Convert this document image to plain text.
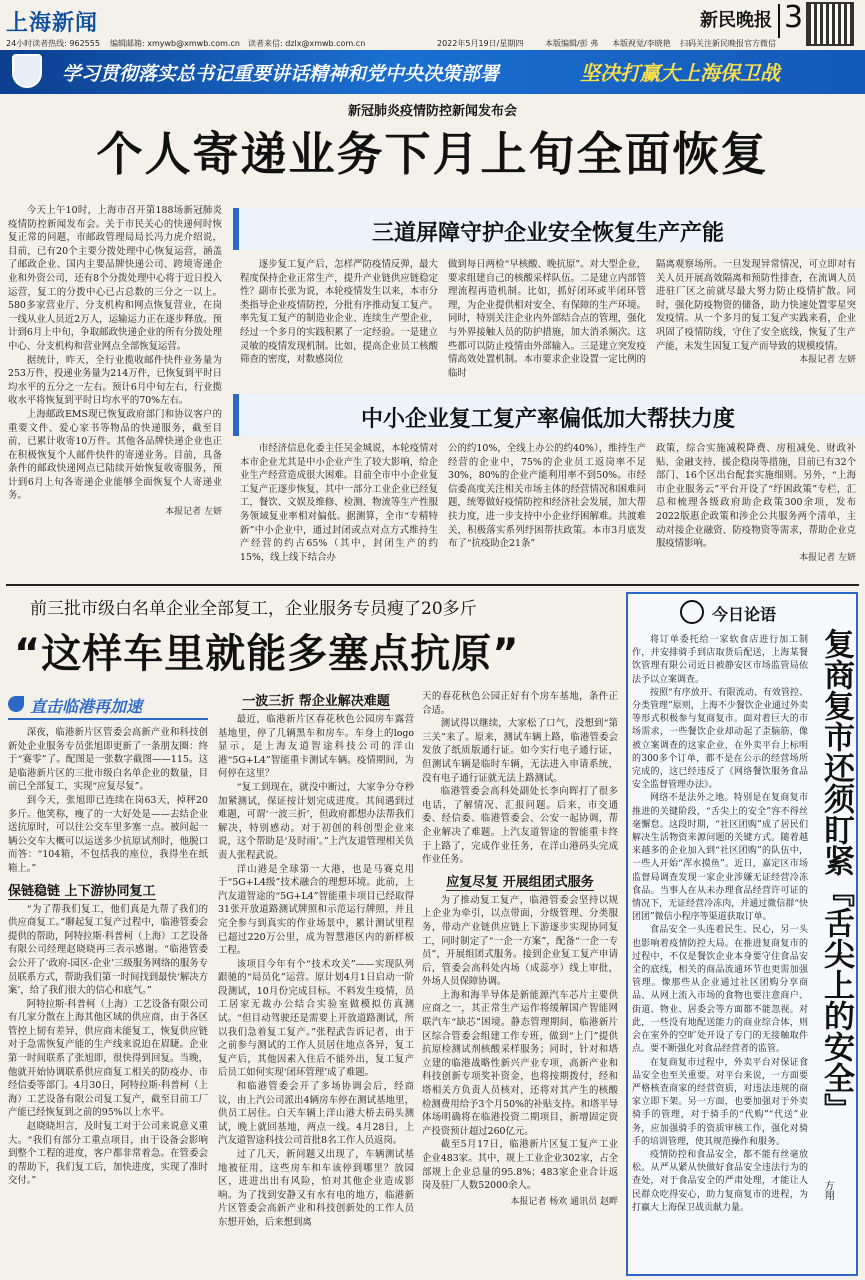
上海新闻	新民晚报 3
24小时读者热线: 962555 编辑邮箱: xmywb@xmwb.com.cn 读者来信: dzlx@xmwb.com.cn	2022年5月19日/星期四	本版编辑/彭 弗 本版视觉/李晓艳 扫码关注新民晚报官方微信
学习贯彻落实总书记重要讲话精神和党中央决策部署	坚决打赢大上海保卫战
新冠肺炎疫情防控新闻发布会
个人寄递业务下月上旬全面恢复

今天上午10时，上海市召开第188场新冠肺炎疫情防控新闻发布会。关于市民关心的快递何时恢复正常的问题，市邮政管理局局长冯力虎介绍说，目前，已有20个主要分拨处理中心恢复运营，涵盖了邮政企业、国内主要品牌快递公司、跨境寄递企业和外资公司，还有8个分拨处理中心将于近日投入运营，复工的分拨中心已占总数的三分之一以上。580多家营业厅、分支机构和网点恢复营业，在岗一线从业人员近2万人，运输运力正在逐步释放。预计到6月上中旬，争取邮政快递企业的所有分拨处理中心、分支机构和营业网点全部恢复运营。

据统计，昨天，全行业揽收邮件快件业务量为253万件，投递业务量为214万件，已恢复到平时日均水平的五分之一左右。预计6月中旬左右，行业揽收水平将恢复到平时日均水平的70%左右。

上海邮政EMS现已恢复政府部门和协议客户的重要文件、爱心家书等物品的快递服务，截至目前，已累计收寄10万件。其他各品牌快递企业也正在积极恢复个人邮件快件的寄递业务。目前，具备条件的邮政快递网点已陆续开始恢复收寄服务，预计到6月上旬各寄递企业能够全面恢复个人寄递业务。

本报记者 左妍
三道屏障守护企业安全恢复生产产能

逐步复工复产后，怎样严防疫情反弹，最大程度保持企业正常生产，提升产业链供应链稳定性？副市长张为说，本轮疫情发生以来，本市分类指导企业疫情防控，分批有序推动复工复产。率先复工复产的制造业企业、连续生产型企业，经过一个多月的实践积累了一定经验。一是建立灵敏的疫情发现机制。比如，提高企业员工核酸筛查的密度，对数感岗位

做到每日两检“早核酸、晚抗原”。对大型企业，要求组建自己的核酸采样队伍。二是建立内部管理流程再造机制。比如，抓好闭环或半闭环管理，为企业提供相对安全、有保障的生产环境。同时，特别关注企业内外部结合点的管理，强化与外界接触人员的防护措施，加大消杀频次。这些都可以防止疫情由外部输入。三是建立突发疫情高效处置机制。本市要求企业设置一定比例的临时

隔离观察场所。一旦发现异常情况，可立即对有关人员开展高效隔离和预防性排查，在流调人员进驻厂区之前就尽最大努力防止疫情扩散。同时，强化防疫物资的储备，助力快速处置零星突发疫情。从一个多月的复工复产实践来看，企业巩固了疫情防线，守住了安全底线，恢复了生产产能，未发生因复工复产而导致的规模疫情。

本报记者 左妍
中小企业复工复产率偏低加大帮扶力度

市经济信息化委主任吴金城说，本轮疫情对本市企业尤其是中小企业产生了较大影响，给企业生产经营造成很大困难。目前全市中小企业复工复产正逐步恢复，其中一部分工业企业已经复工，餐饮、文娱及维修、检测、物流等生产性服务领域复业率相对偏低。据测算，全市“专精特新”中小企业中，通过封闭或点对点方式维持生产经营的约占65%（其中，封闭生产的约15%，线上线下结合办

公的约10%，全线上办公的约40%），维持生产经营的企业中，75%的企业员工返岗率不足30%，80%的企业产能利用率不到50%。市经信委高度关注相关市场主体的经营情况和困难问题，统筹做好疫情防控和经济社会发展，加大帮扶力度，进一步支持中小企业纾困解难。共渡难关，积极落实系列纾困帮扶政策。本市3月底发布了“抗疫助企21条”

政策，综合实施减税降费、房租减免、财政补贴、金融支持、援企稳岗等措施，目前已有32个部门、16个区出台配套实施细则。另外，“上海市企业服务云”平台开设了“纾困政策”专栏，汇总和梳理各级政府助企政策300余项，发布2022版惠企政策和涉企公共服务两个清单，主动对接企业融资、防疫物资等需求，帮助企业克服疫情影响。

本报记者 左妍
前三批市级白名单企业全部复工，企业服务专员瘦了20多斤
“这样车里就能多塞点抗原”
直击临港再加速

深夜，临港新片区管委会高新产业和科技创新处企业服务专员张旭即更新了一条朋友圈：终于“赛零”了。配图是一张数字截图——115。这是临港新片区的三批市级白名单企业的数量，目前已全部复工，实现“应复尽复”。

到今天，张旭即已连续在岗63天，掉秤20多斤。他笑称，瘦了的一大好处是——去结企业送抗原时，可以往公交车里多塞一点。被问起一辆公交车大概可以运送多少抗原试剂时，他脱口而答：“104箱，不包括我的座位，我得坐在纸箱上。”

保链稳链 上下游协同复工

“为了帮我们复工，他们真是九帮了我们的供应商复工。”聊起复工复产过程中，临港管委会提供的帮助，阿特拉斯·科普柯（上海）工艺设备有限公司经理赵晓晓再三表示感谢。“临港管委会公开了‘政府-园区-企业’三级服务网络的服务专员联系方式，帮助我们第一时间找到最快‘解决方案’，给了我们很大的信心和底气。”

阿特拉斯·科普柯（上海）工艺设备有限公司有几家分散在上海其他区域的供应商，由于各区管控上韧有差异，供应商未能复工，恢复供应链对于急需恢复产能的生产线来说迫在眉睫。企业第一时间联系了张旭即，很快得到回复。当晚，他就开始协调联系供应商复工相关的防疫办、市经信委等部门。4月30日，阿特拉斯·科普柯（上海）工艺设备有限公司复工复产，截至目前工厂产能已经恢复到之前的95%以上水平。

赵晓晓坦言，及时复工对于公司来说意义重大。“我们有部分工重点项目，由于设备会影响到整个工程的进度，客户都非常着急。在管委会的帮助下，我们复工后，加快进度，实现了准时交付。”

一波三折 帮企业解决难题

最近，临港新片区春花秋色公园房车露营基地里，停了几辆黑车和房车。车身上的logo显示，是上海友道智途科技公司的洋山港“5G+L4”智能重卡测试车辆。疫情期间，为何停在这里？

“复工到现在，就没中断过，大家争分夺秒加紧测试，保证按计划完成进度。其间遇到过难题，可谓‘一波三折’，但政府都想办法帮我们解决，特别感动。对于初创的科创型企业来说，这个帮助是‘及时雨’。”上汽友道管理相关负责人张程武说。

洋山港是全球第一大港，也是马赛克用于“5G+L4级”技术融合的理想环境。此前，上汽友道智途的“5G+L4”智能重卡项目已经取得31张开放道路测试牌照和示范运行牌照，并且完全参与到真实的作业场景中，累计测试里程已超过220万公里，成为智慧港区内的新样板工程。

该项目今年有个“技术攻关”——实现队列跟驰的“局员化”运营。原计划4月1日启动一阶段测试，10月份完成目标。不料发生疫情，员工居家无裁办公结合实验室做模拟仿真测试。“但目动驾驶还是需要上开放道路测试，所以我们急着复工复产。”张程武告诉记者，由于之前参与测试的工作人员居住地点各异，复工复产后，其他因素入住后不能外出，复工复产后员工如何实现‘闭环管理’成了难题。

和临港管委会开了多场协调会后，经商议，由上汽公司派出4辆房车停在测试基地里，供员工居住。白天车辆上洋山港大桥去码头测试，晚上就回基地，两点一线。4月28日，上汽友道智途科技公司首批8名工作人员返岗。

过了几天，新问题又出现了，车辆测试基地被征用，这些房车和车该停到哪里？放园区，进进出出有风险，怕对其他企业造成影响。为了找到安静又有水有电的地方，临港新片区管委会高新产业和科技创新处的工作人员东想开始，后来想到离

天的春花秋色公园正好有个房车基地，条件正合适。

测试得以继续，大家松了口气，没想到“第三关”来了。原来，测试车辆上路，临港管委会发放了纸质版通行证。如今实行电子通行证，但测试车辆是临时车辆，无法进入申请系统，没有电子通行证就无法上路测试。

临港管委会高科处副处长李向晖打了很多电话，了解情况、汇报问题。后来，市交通委、经信委、临港管委会、公安一起协调，帮企业解决了难题。上汽友道智途的智能重卡终于上路了，完成作业任务，在洋山港码头完成作业任务。

应复尽复 开展组团式服务

为了推动复工复产，临港管委会坚持以规上企业为牵引，以点带面，分级管理、分类服务，带动产业链供应链上下游逐步实现协同复工，同时制定了“一企一方案”，配备“一企一专员”，开展组团式服务。接到企业复工复产申请后，管委会高科处内场（成蕊亭）线上审批，外场人员保障协调。

上海和海半导体是新能源汽车芯片主要供应商之一，其正常生产运作将缓解国产智能网联汽车“缺芯”困境。静态管理期间，临港新片区综合管委会组建工作专班，做到“上门”提供抗原检测试剂核酸采样服务；同时，针对和塔立建的临港战略性新兴产业专项，高新产业和科技创新专项奖补资金，也将按期拨付，经和塔相关方负责人员核对，还将对其产生的核酸检测费用给予3个月50%的补贴支持。和塔半导体场明确将在临港投资二期项目，新增固定资产投资预计超过260亿元。

截至5月17日，临港新片区复工复产工业企业483家。其中，规上工业企业302家，占全部规上企业总量的95.8%；483家企业合计返岗及驻厂人数52000余人。

本报记者 杨欢 通讯员 赵畔
今日论语

将订单委托给一家软食店进行加工制作，并安排骑手到店取货后配送，上海某餐饮管理有限公司近日被静安区市场监管局依法予以立案调查。

按照“有序放开、有限流动、有效管控、分类管理”原则，上海不少餐饮企业通过外卖等形式积极参与复商复市。面对着巨大的市场需求，一些餐饮企业却动起了歪脑筋，像被立案调查的这家企业，在外卖平台上标明的300多个订单，都不是在公示的经营场所完成的，这已经违反了《网络餐饮服务食品安全监督管理办法》。

网络不是法外之地。特别是在复商复市推进的关键阶段，“舌尖上的安全”容不得丝毫懈怠。这段时期，“社区团购”成了居民们解决生活物资来源问题的关键方式。随着越来越多的企业加入到“社区团购”的队伍中，一些人开始“浑水摸鱼”。近日，嘉定区市场监督局调查发现一家企业涉嫌无证经营冷冻食品。当事人在从未办理食品经营许可证的情况下，无证经营冷冻肉，并通过微信群“快团团”微信小程序等渠道获取订单。

食品安全一头连着民生、民心，另一头也影响着疫情防控大局。在推进复商复市的过程中，不仅是餐饮企业本身要守住食品安全的底线，相关的商品流通环节也更需加强管理。像那些从企业通过社区团购分享商品、从网上流入市场的食物也要注意商户、街道、物业、居委会等方面都不能忽视。对此，一些没有地配送能力的商业综合体，则会在室外的空旷处开设了专门的无接触取件点。要不断强化对食品经营者的监管。

在复商复市过程中，外卖平台对保证食品安全也至关重要。对平台来说，一方面要严格核查商家的经营资质，对违法违规的商家立即下架。另一方面，也要加强对于外卖骑手的管理，对于骑手的“代购”“代送”业务，应加强骑手的资质审核工作，强化对骑手的培训管理，使其规范操作和服务。

疫情防控和食品安全，都不能有丝毫放松。从严从紧从快做好食品安全违法行为的查处，对于食品安全的严肃处理，才能让人民群众吃得安心，助力复商复市的进程，为打赢大上海保卫战贡献力量。

复商复市还须盯紧『舌尖上的安全』
方翔
